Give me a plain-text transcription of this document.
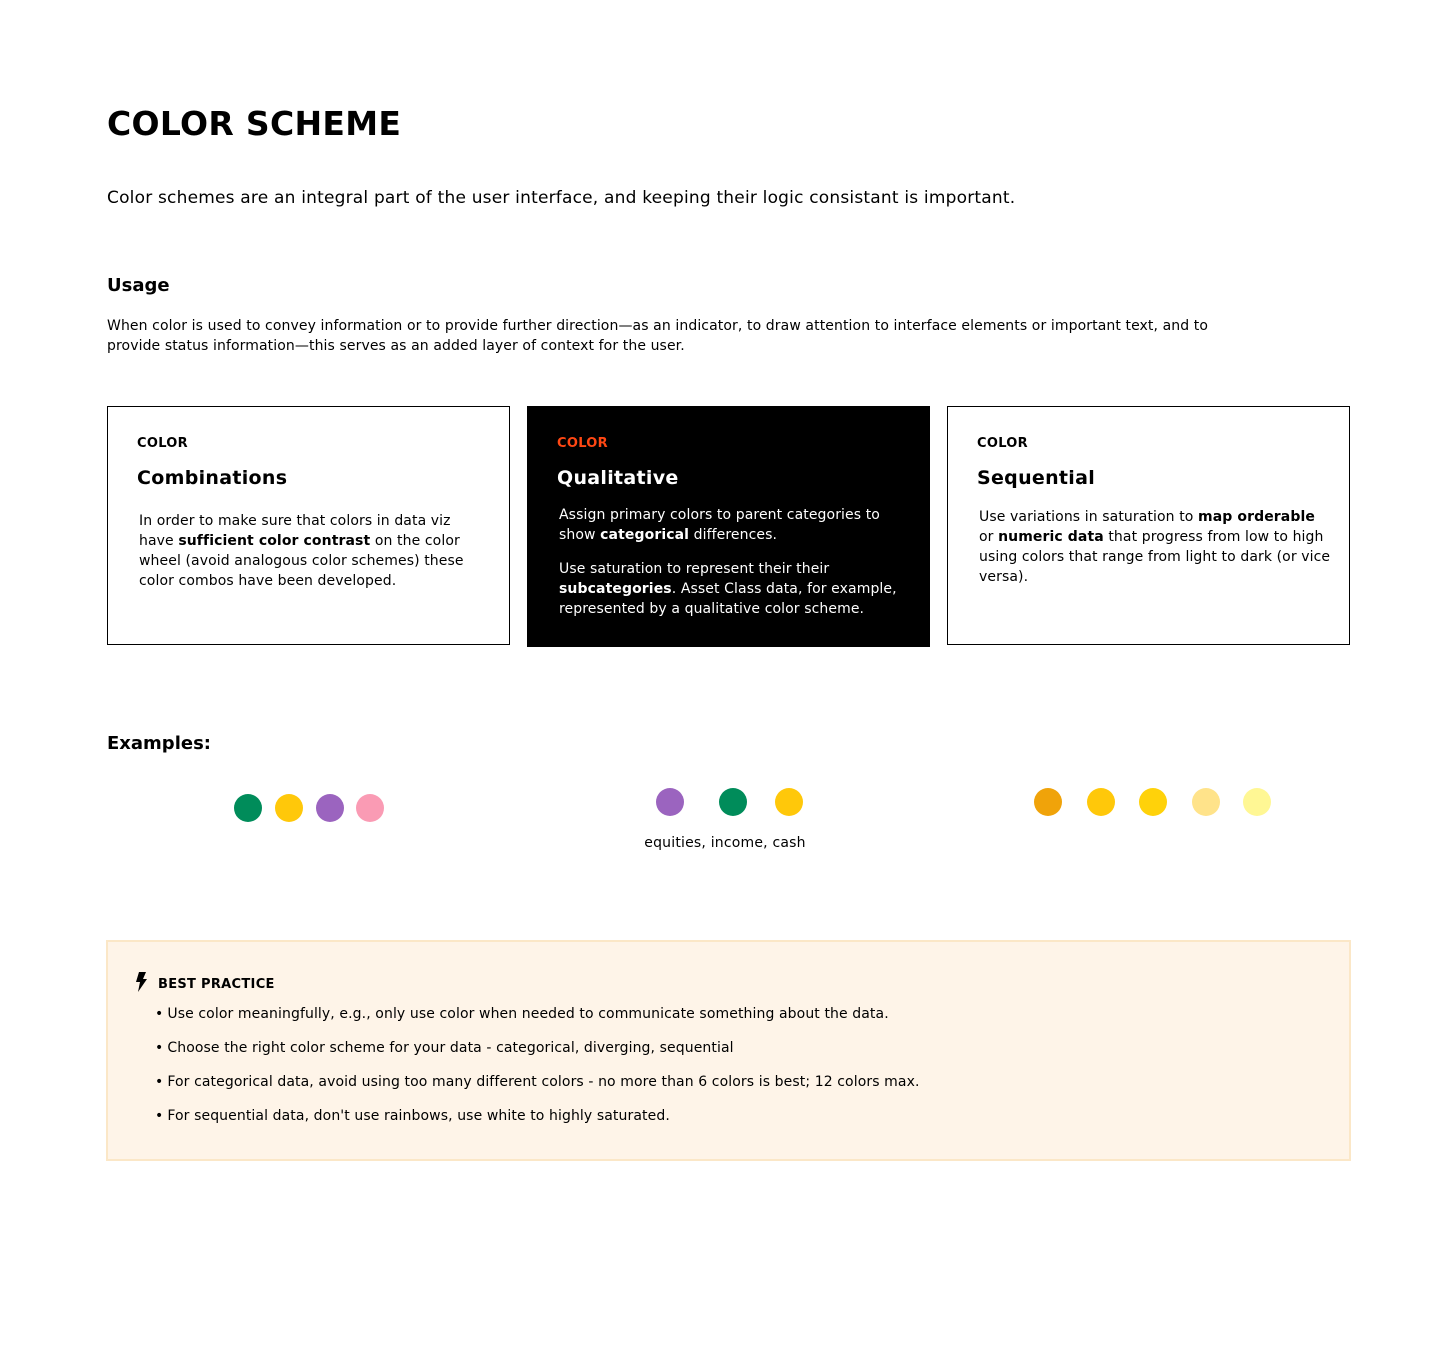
COLOR SCHEME

Color schemes are an integral part of the user interface, and keeping their logic consistant is important.

Usage

When color is used to convey information or to provide further direction—as an indicator, to draw attention to interface elements or important text, and to provide status information—this serves as an added layer of context for the user.

COLOR
Combinations

In order to make sure that colors in data viz have sufficient color contrast on the color wheel (avoid analogous color schemes) these color combos have been developed.

COLOR
Qualitative

Assign primary colors to parent categories to show categorical differences.

Use saturation to represent their their subcategories. Asset Class data, for example, represented by a qualitative color scheme.

COLOR
Sequential

Use variations in saturation to map orderable or numeric data that progress from low to high using colors that range from light to dark (or vice versa).

Examples:
equities, income, cash
BEST PRACTICE
• Use color meaningfully, e.g., only use color when needed to communicate something about the data.
• Choose the right color scheme for your data - categorical, diverging, sequential
• For categorical data, avoid using too many different colors - no more than 6 colors is best; 12 colors max.
• For sequential data, don't use rainbows, use white to highly saturated.
